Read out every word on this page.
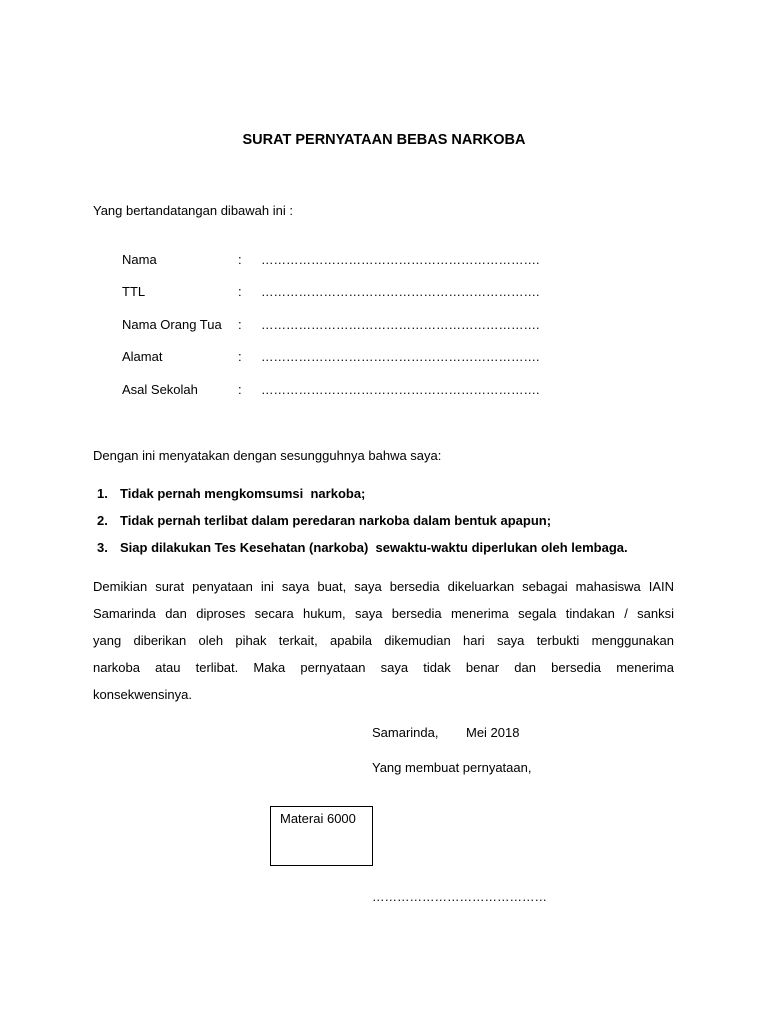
SURAT PERNYATAAN BEBAS NARKOBA
Yang bertandatangan dibawah ini :
Nama	: ………………………………………………………….
TTL	: ………………………………………………………….
Nama Orang Tua : ………………………………………………………….
Alamat	: ………………………………………………………….
Asal Sekolah	: ………………………………………………………….
Dengan ini menyatakan dengan sesungguhnya bahwa saya:
1. Tidak pernah mengkomsumsi  narkoba;
2. Tidak pernah terlibat dalam peredaran narkoba dalam bentuk apapun;
3. Siap dilakukan Tes Kesehatan (narkoba)  sewaktu-waktu diperlukan oleh lembaga.
Demikian surat penyataan ini saya buat, saya bersedia dikeluarkan sebagai mahasiswa IAIN
Samarinda dan diproses secara hukum, saya bersedia menerima segala tindakan / sanksi
yang diberikan oleh pihak terkait, apabila dikemudian hari saya terbukti menggunakan
narkoba atau terlibat. Maka pernyataan saya tidak benar dan bersedia menerima
konsekwensinya.
Samarinda, Mei 2018
Yang membuat pernyataan,
Materai 6000
……………………………………
